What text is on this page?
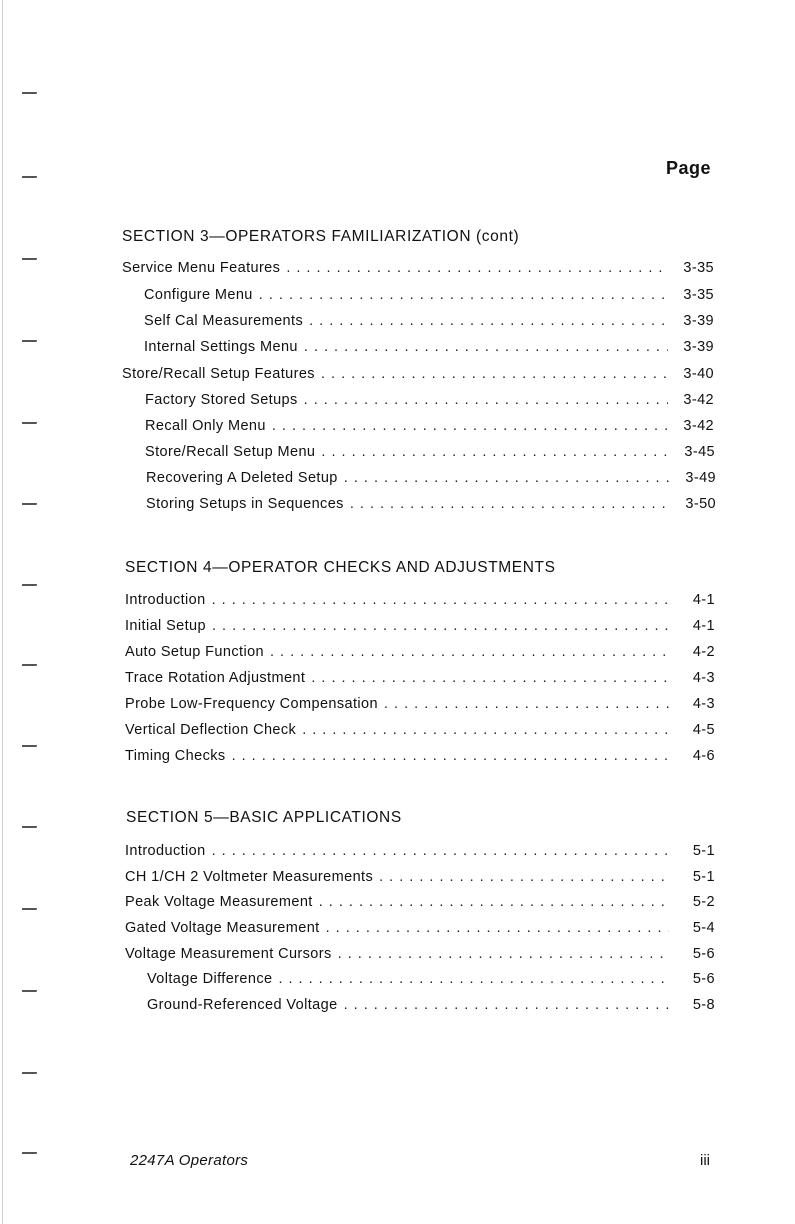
Page
SECTION 3—OPERATORS FAMILIARIZATION (cont)
Service Menu Features . . .	3-35
Configure Menu . . .	3-35
Self Cal Measurements . . .	3-39
Internal Settings Menu . . .	3-39
Store/Recall Setup Features . . .	3-40
Factory Stored Setups . . .	3-42
Recall Only Menu . . .	3-42
Store/Recall Setup Menu . . .	3-45
Recovering A Deleted Setup . . .	3-49
Storing Setups in Sequences . . .	3-50
SECTION 4—OPERATOR CHECKS AND ADJUSTMENTS
Introduction . . .	4-1
Initial Setup . . .	4-1
Auto Setup Function . . .	4-2
Trace Rotation Adjustment . . .	4-3
Probe Low-Frequency Compensation . . .	4-3
Vertical Deflection Check . . .	4-5
Timing Checks . . .	4-6
SECTION 5—BASIC APPLICATIONS
Introduction . . .	5-1
CH 1/CH 2 Voltmeter Measurements . . .	5-1
Peak Voltage Measurement . . .	5-2
Gated Voltage Measurement . . .	5-4
Voltage Measurement Cursors . . .	5-6
Voltage Difference . . .	5-6
Ground-Referenced Voltage . . .	5-8
2247A Operators	iii
